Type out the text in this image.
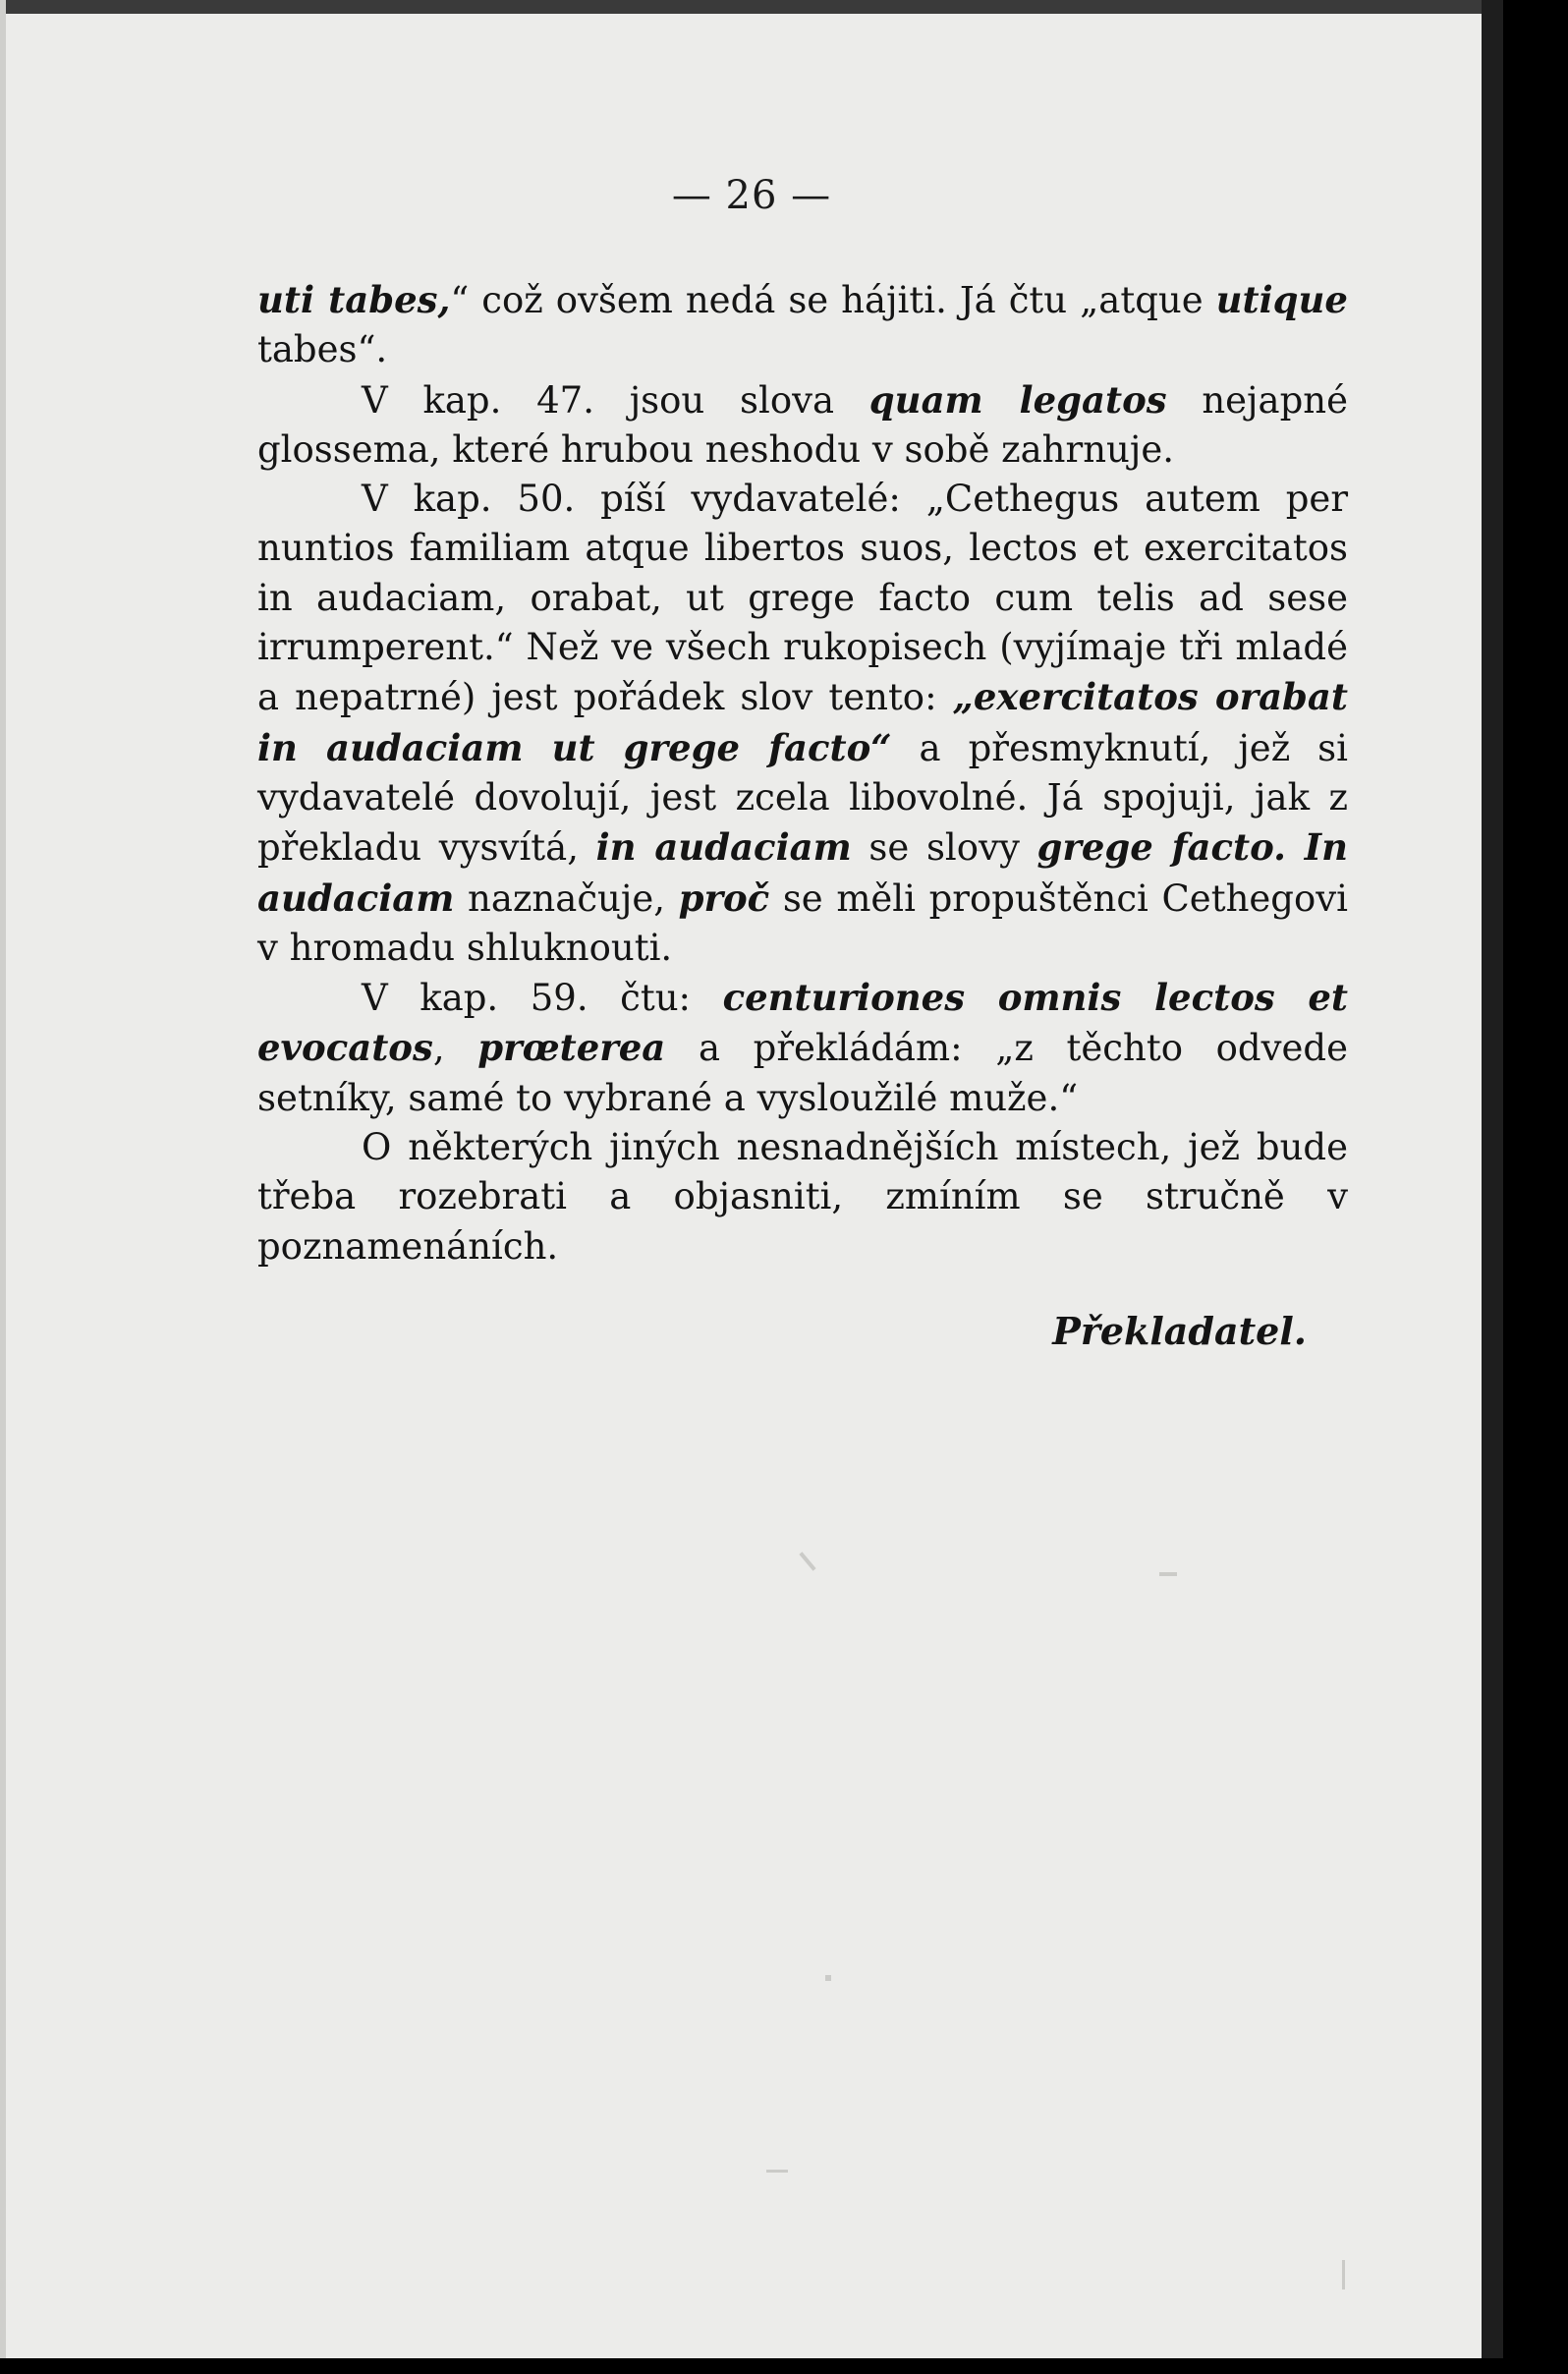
— 26 —

uti tabes,“ což ovšem nedá se hájiti. Já čtu „atque utique tabes“.

V kap. 47. jsou slova quam legatos nejapné glossema, které hrubou neshodu v sobě zahrnuje.

V kap. 50. píší vydavatelé: „Cethegus autem per nuntios familiam atque libertos suos, lectos et exercitatos in audaciam, orabat, ut grege facto cum telis ad sese irrumperent.“ Než ve všech rukopisech (vyjímaje tři mladé a nepatrné) jest pořádek slov tento: „exercitatos orabat in audaciam ut grege facto“ a přesmyknutí, jež si vydavatelé dovolují, jest zcela libovolné. Já spojuji, jak z překladu vysvítá, in audaciam se slovy grege facto. In audaciam naznačuje, proč se měli propuštěnci Cethegovi v hromadu shluknouti.

V kap. 59. čtu: centuriones omnis lectos et evocatos, prœterea a překládám: „z těchto odvede setníky, samé to vybrané a vysloužilé muže.“

O některých jiných nesnadnějších místech, jež bude třeba rozebrati a objasniti, zmíním se stručně v poznamenáních.

Překladatel.
